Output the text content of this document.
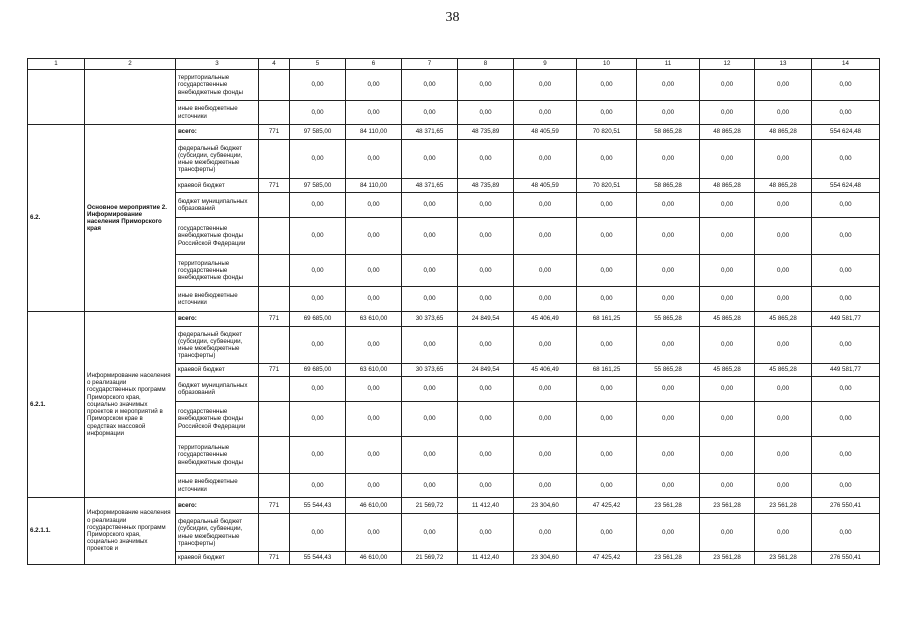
38
1	2	3	4	5	6	7	8	9	10	11	12	13	14
		территориальные государственные внебюджетные фонды		0,00	0,00	0,00	0,00	0,00	0,00	0,00	0,00	0,00	0,00
		иные внебюджетные источники		0,00	0,00	0,00	0,00	0,00	0,00	0,00	0,00	0,00	0,00
6.2.	Основное мероприятие 2. Информирование населения Приморского края	всего:	771	97 585,00	84 110,00	48 371,65	48 735,89	48 405,59	70 820,51	58 865,28	48 865,28	48 865,28	554 624,48
		федеральный бюджет (субсидии, субвенции, иные межбюджетные трансферты)		0,00	0,00	0,00	0,00	0,00	0,00	0,00	0,00	0,00	0,00
		краевой бюджет	771	97 585,00	84 110,00	48 371,65	48 735,89	48 405,59	70 820,51	58 865,28	48 865,28	48 865,28	554 624,48
		бюджет муниципальных образований		0,00	0,00	0,00	0,00	0,00	0,00	0,00	0,00	0,00	0,00
		государственные внебюджетные фонды Российской Федерации		0,00	0,00	0,00	0,00	0,00	0,00	0,00	0,00	0,00	0,00
		территориальные государственные внебюджетные фонды		0,00	0,00	0,00	0,00	0,00	0,00	0,00	0,00	0,00	0,00
		иные внебюджетные источники		0,00	0,00	0,00	0,00	0,00	0,00	0,00	0,00	0,00	0,00
6.2.1.	Информирование населения о реализации государственных программ Приморского края, социально значимых проектов и мероприятий в Приморском крае в средствах массовой информации	всего:	771	69 685,00	63 610,00	30 373,65	24 849,54	45 406,49	68 161,25	55 865,28	45 865,28	45 865,28	449 581,77
		федеральный бюджет (субсидии, субвенции, иные межбюджетные трансферты)		0,00	0,00	0,00	0,00	0,00	0,00	0,00	0,00	0,00	0,00
		краевой бюджет	771	69 685,00	63 610,00	30 373,65	24 849,54	45 406,49	68 161,25	55 865,28	45 865,28	45 865,28	449 581,77
		бюджет муниципальных образований		0,00	0,00	0,00	0,00	0,00	0,00	0,00	0,00	0,00	0,00
		государственные внебюджетные фонды Российской Федерации		0,00	0,00	0,00	0,00	0,00	0,00	0,00	0,00	0,00	0,00
		территориальные государственные внебюджетные фонды		0,00	0,00	0,00	0,00	0,00	0,00	0,00	0,00	0,00	0,00
		иные внебюджетные источники		0,00	0,00	0,00	0,00	0,00	0,00	0,00	0,00	0,00	0,00
6.2.1.1.	Информирование населения о реализации государственных программ Приморского края, социально значимых проектов и	всего:	771	55 544,43	46 610,00	21 569,72	11 412,40	23 304,60	47 425,42	23 561,28	23 561,28	23 561,28	276 550,41
		федеральный бюджет (субсидии, субвенции, иные межбюджетные трансферты)		0,00	0,00	0,00	0,00	0,00	0,00	0,00	0,00	0,00	0,00
		краевой бюджет	771	55 544,43	46 610,00	21 569,72	11 412,40	23 304,60	47 425,42	23 561,28	23 561,28	23 561,28	276 550,41
